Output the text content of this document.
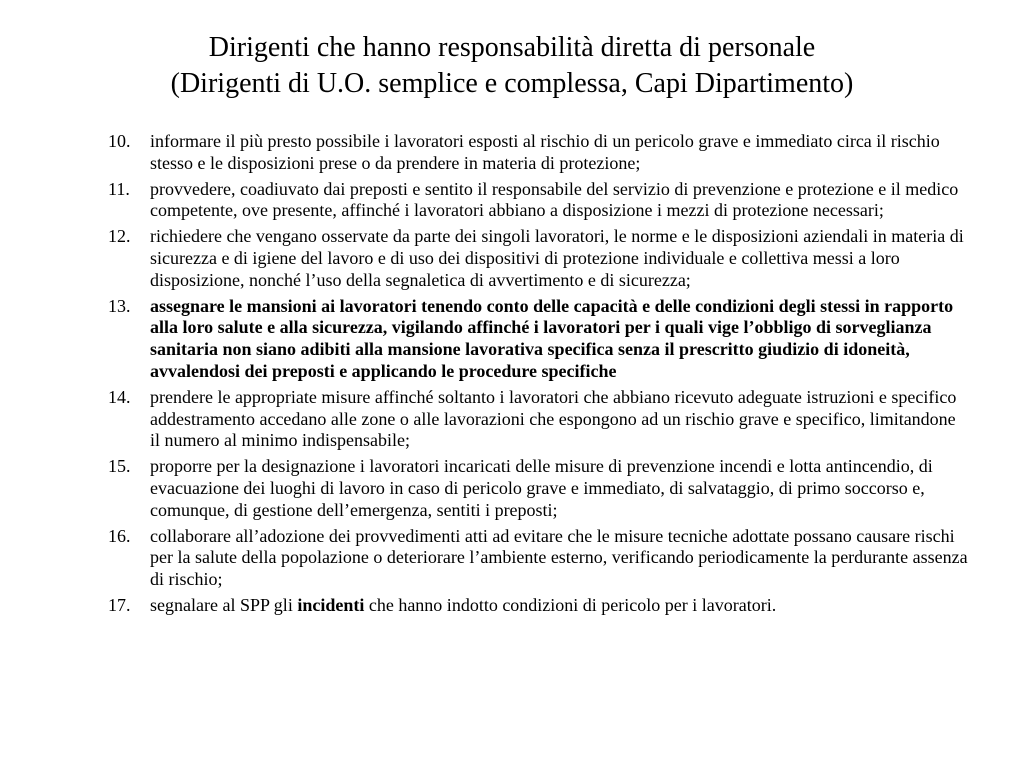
Dirigenti che hanno responsabilità diretta di personale
(Dirigenti di U.O. semplice e complessa, Capi Dipartimento)
10.	informare il più presto possibile i lavoratori esposti al rischio di un pericolo grave e immediato circa il rischio stesso e le disposizioni prese o da prendere in materia di protezione;
11.	provvedere, coadiuvato dai preposti e sentito il responsabile del servizio di prevenzione e protezione e il medico competente, ove presente, affinché i lavoratori abbiano a disposizione i mezzi di protezione necessari;
12.	richiedere che vengano osservate da parte dei singoli lavoratori, le norme e le disposizioni aziendali in materia di sicurezza e di igiene del lavoro e di uso dei dispositivi di protezione individuale e collettiva messi a loro disposizione, nonché l’uso della segnaletica di avvertimento e di sicurezza;
13.	assegnare le mansioni ai lavoratori tenendo conto delle capacità e delle condizioni degli stessi in rapporto alla loro salute e alla sicurezza, vigilando affinché i lavoratori per i quali vige l’obbligo di sorveglianza sanitaria non siano adibiti alla mansione lavorativa specifica senza il prescritto giudizio di idoneità, avvalendosi dei preposti e applicando le procedure specifiche
14.	prendere le appropriate misure affinché soltanto i lavoratori che abbiano ricevuto adeguate istruzioni e specifico addestramento accedano alle zone o alle lavorazioni che espongono ad un rischio grave e specifico, limitandone il numero al minimo indispensabile;
15.	proporre per la designazione i lavoratori incaricati delle misure di prevenzione incendi e lotta antincendio, di evacuazione dei luoghi di lavoro in caso di pericolo grave e immediato, di salvataggio, di primo soccorso e, comunque, di gestione dell’emergenza, sentiti i preposti;
16.	collaborare all’adozione dei provvedimenti atti ad evitare che le misure tecniche adottate possano causare rischi per la salute della popolazione o deteriorare l’ambiente esterno, verificando periodicamente la perdurante assenza di rischio;
17.	segnalare al SPP gli incidenti che hanno indotto condizioni di pericolo per i lavoratori.
